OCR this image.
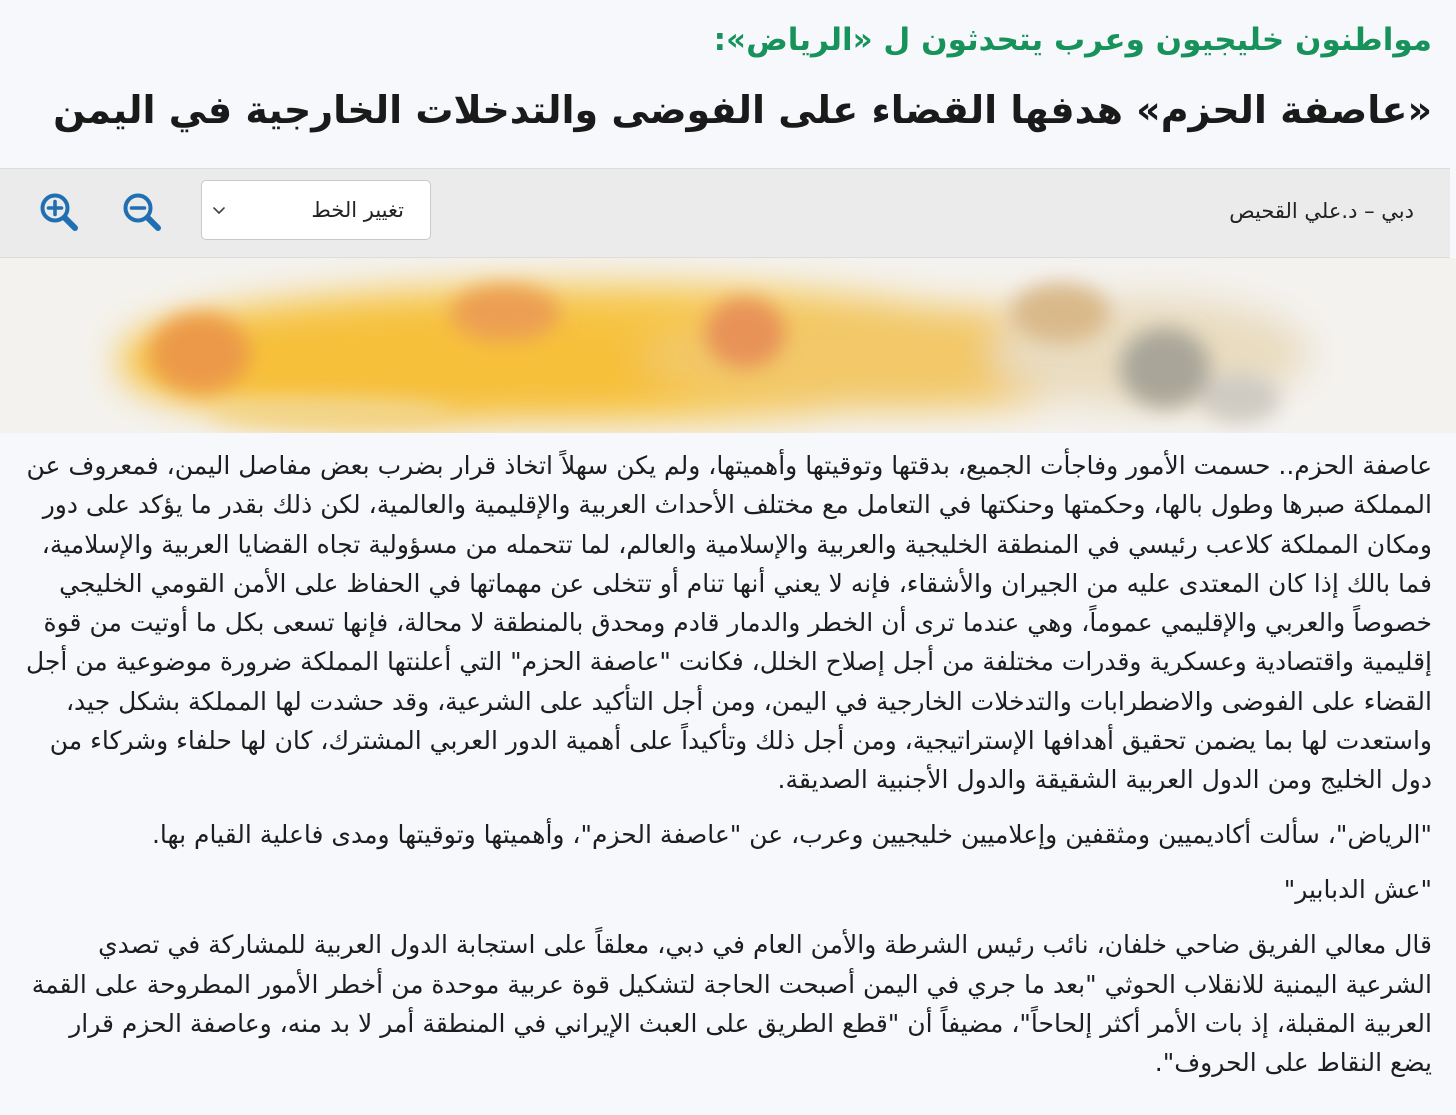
مواطنون خليجيون وعرب يتحدثون ل «الرياض»:
«عاصفة الحزم» هدفها القضاء على الفوضى والتدخلات الخارجية في اليمن
دبي – د.علي القحيص
تغيير الخط

عاصفة الحزم.. حسمت الأمور وفاجأت الجميع، بدقتها وتوقيتها وأهميتها، ولم يكن سهلاً اتخاذ قرار بضرب بعض مفاصل اليمن، فمعروف عن المملكة صبرها وطول بالها، وحكمتها وحنكتها في التعامل مع مختلف الأحداث العربية والإقليمية والعالمية، لكن ذلك بقدر ما يؤكد على دور ومكان المملكة كلاعب رئيسي في المنطقة الخليجية والعربية والإسلامية والعالم، لما تتحمله من مسؤولية تجاه القضايا العربية والإسلامية، فما بالك إذا كان المعتدى عليه من الجيران والأشقاء، فإنه لا يعني أنها تنام أو تتخلى عن مهماتها في الحفاظ على الأمن القومي الخليجي خصوصاً والعربي والإقليمي عموماً، وهي عندما ترى أن الخطر والدمار قادم ومحدق بالمنطقة لا محالة، فإنها تسعى بكل ما أوتيت من قوة إقليمية واقتصادية وعسكرية وقدرات مختلفة من أجل إصلاح الخلل، فكانت "عاصفة الحزم" التي أعلنتها المملكة ضرورة موضوعية من أجل القضاء على الفوضى والاضطرابات والتدخلات الخارجية في اليمن، ومن أجل التأكيد على الشرعية، وقد حشدت لها المملكة بشكل جيد، واستعدت لها بما يضمن تحقيق أهدافها الإستراتيجية، ومن أجل ذلك وتأكيداً على أهمية الدور العربي المشترك، كان لها حلفاء وشركاء من دول الخليج ومن الدول العربية الشقيقة والدول الأجنبية الصديقة.

"الرياض"، سألت أكاديميين ومثقفين وإعلاميين خليجيين وعرب، عن "عاصفة الحزم"، وأهميتها وتوقيتها ومدى فاعلية القيام بها.

"عش الدبابير"

قال معالي الفريق ضاحي خلفان، نائب رئيس الشرطة والأمن العام في دبي، معلقاً على استجابة الدول العربية للمشاركة في تصدي الشرعية اليمنية للانقلاب الحوثي "بعد ما جري في اليمن أصبحت الحاجة لتشكيل قوة عربية موحدة من أخطر الأمور المطروحة على القمة العربية المقبلة، إذ بات الأمر أكثر إلحاحاً"، مضيفاً أن "قطع الطريق على العبث الإيراني في المنطقة أمر لا بد منه، وعاصفة الحزم قرار يضع النقاط على الحروف".
